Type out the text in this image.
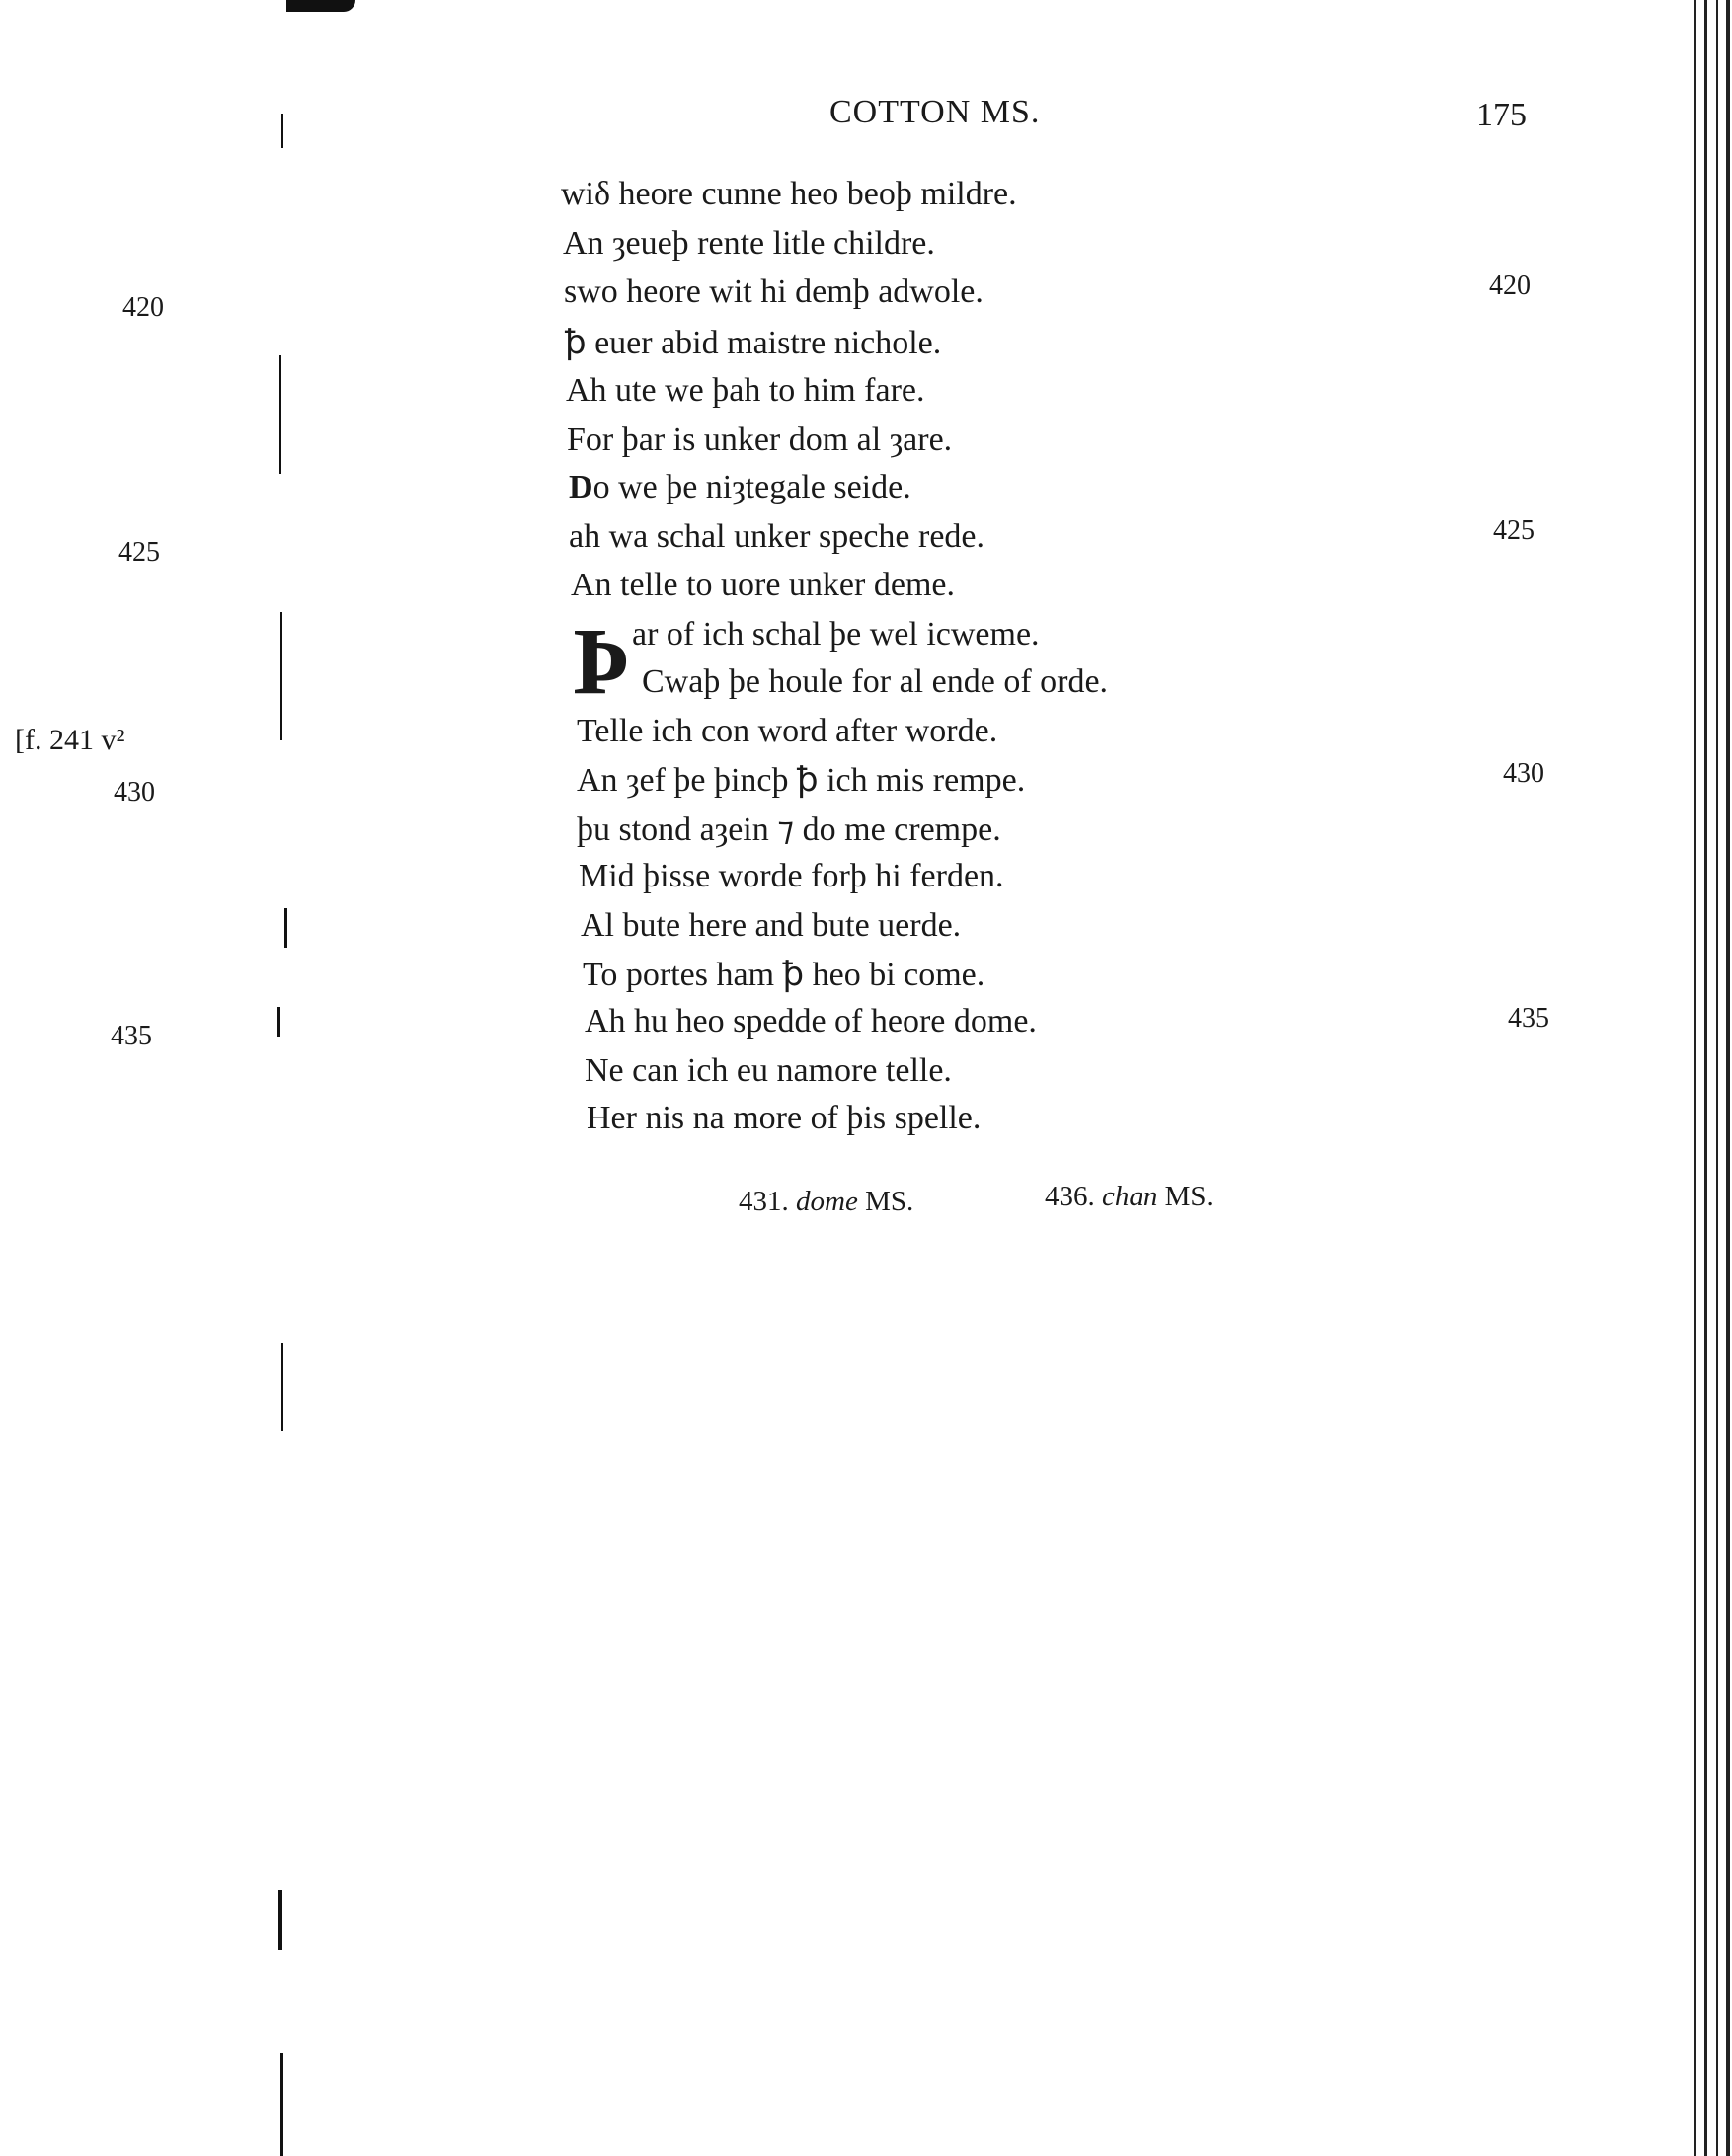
COTTON MS.	175
wiδ heore cunne heo beoþ mildre.
An ȝeueþ rente litle childre.
swo heore wit hi demþ adwole.
ꝥ euer abid maistre nichole.
Ah ute we þah to him fare.
For þar is unker dom al ȝare.
Do we þe niȝtegale seide.
ah wa schal unker speche rede.
An telle to uore unker deme.
Þ ar of ich schal þe wel icweme.
Cwaþ þe houle for al ende of orde.
Telle ich con word after worde.
An ȝef þe þincþ ꝥ ich mis rempe.
þu stond aȝein ⁊ do me crempe.
Mid þisse worde forþ hi ferden.
Al bute here and bute uerde.
To portes ham ꝥ heo bi come.
Ah hu heo spedde of heore dome.
Ne can ich eu namore telle.
Her nis na more of þis spelle.
420
425
[f. 241 v²
430
435
420
425
430
435
431. dome MS.	436. chan MS.
